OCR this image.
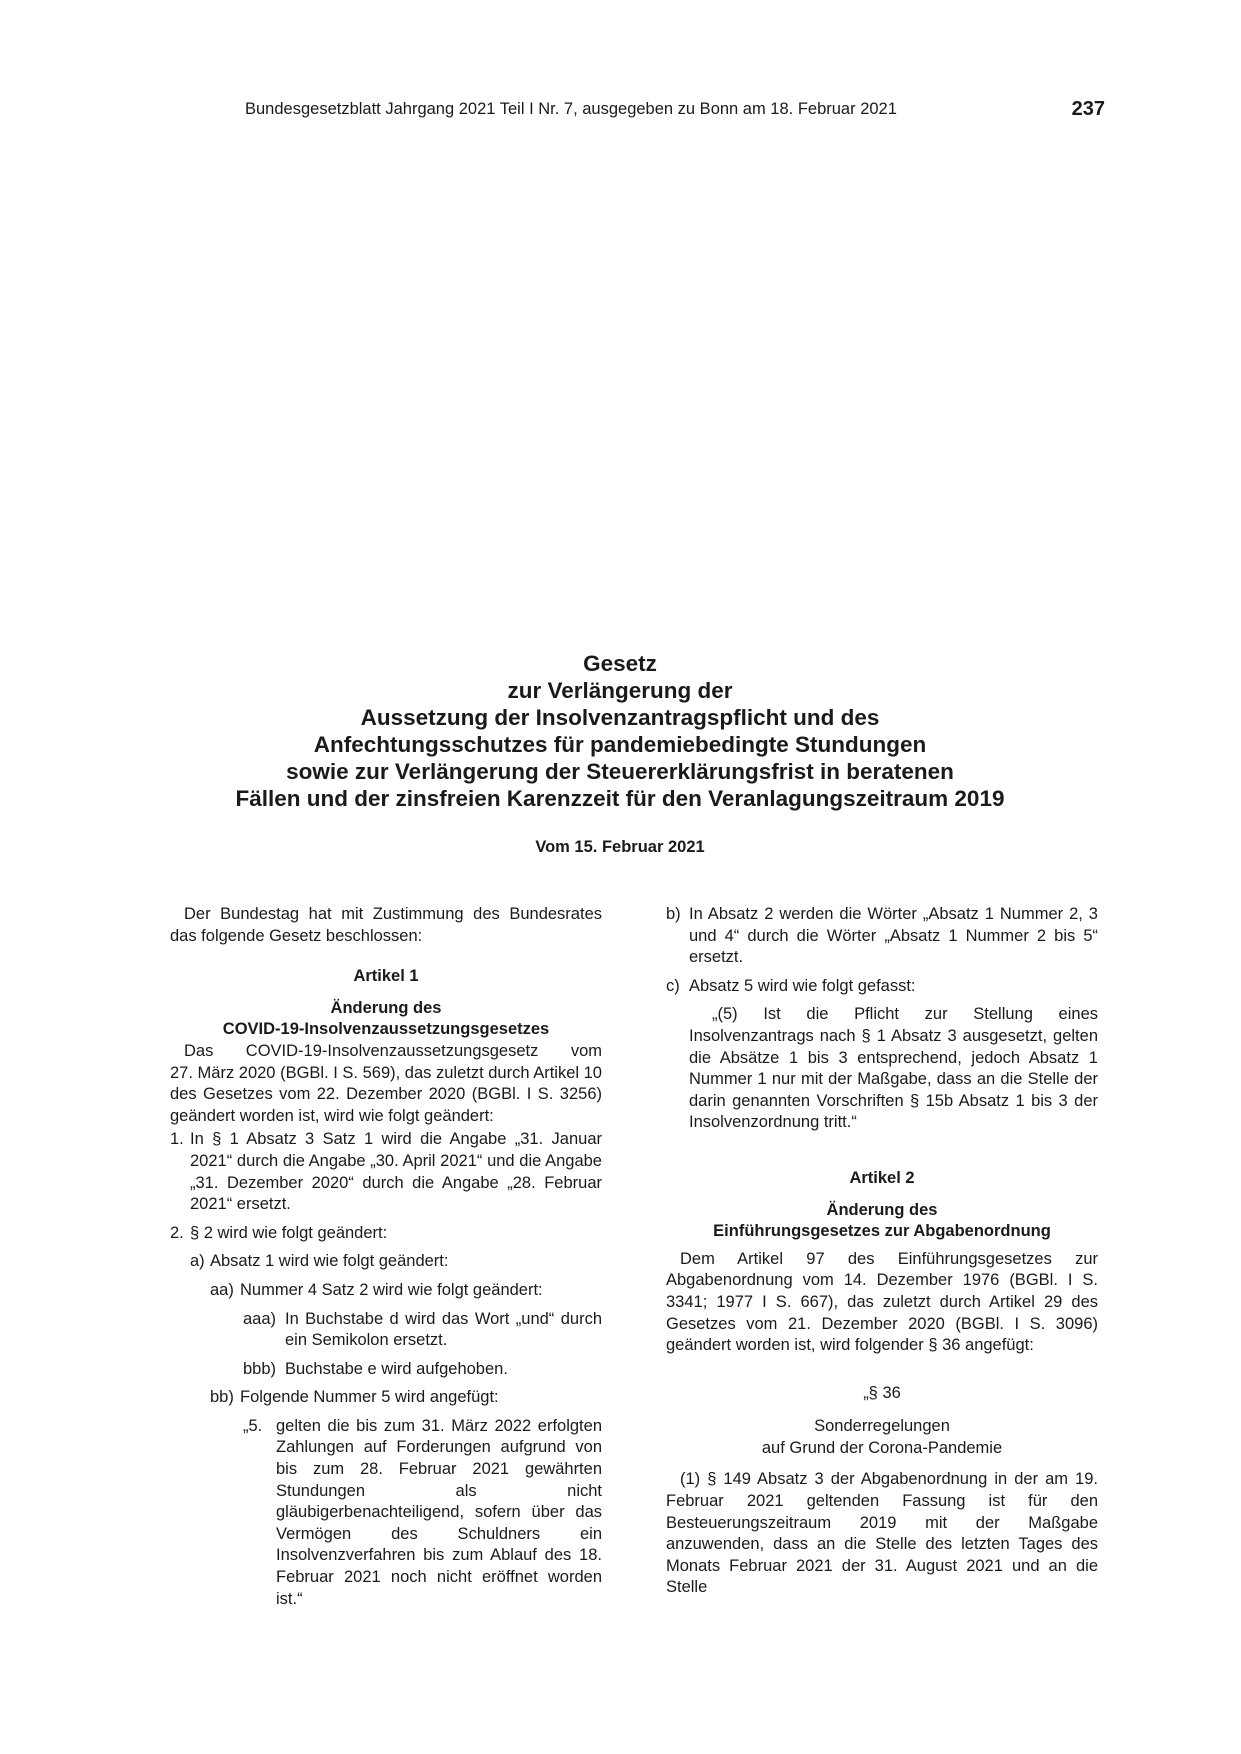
Bundesgesetzblatt Jahrgang 2021 Teil I Nr. 7, ausgegeben zu Bonn am 18. Februar 2021	237
Gesetz
zur Verlängerung der
Aussetzung der Insolvenzantragspflicht und des
Anfechtungsschutzes für pandemiebedingte Stundungen
sowie zur Verlängerung der Steuererklärungsfrist in beratenen
Fällen und der zinsfreien Karenzzeit für den Veranlagungszeitraum 2019
Vom 15. Februar 2021

Der Bundestag hat mit Zustimmung des Bundesrates das folgende Gesetz beschlossen:

Artikel 1

Änderung des

COVID-19-Insolvenzaussetzungsgesetzes

Das COVID-19-Insolvenzaussetzungsgesetz vom

27. März 2020 (BGBl. I S. 569), das zuletzt durch Artikel 10 des Gesetzes vom 22. Dezember 2020 (BGBl. I S. 3256) geändert worden ist, wird wie folgt geändert:

1. In § 1 Absatz 3 Satz 1 wird die Angabe „31. Januar 2021“ durch die Angabe „30. April 2021“ und die Angabe „31. Dezember 2020“ durch die Angabe „28. Februar 2021“ ersetzt.
2. § 2 wird wie folgt geändert:
a) Absatz 1 wird wie folgt geändert:
aa) Nummer 4 Satz 2 wird wie folgt geändert:
aaa) In Buchstabe d wird das Wort „und“ durch ein Semikolon ersetzt.
bbb) Buchstabe e wird aufgehoben.
bb) Folgende Nummer 5 wird angefügt:
„5. gelten die bis zum 31. März 2022 erfolgten Zahlungen auf Forderungen aufgrund von bis zum 28. Februar 2021 gewährten Stundungen als nicht gläubigerbenachteiligend, sofern über das Vermögen des Schuldners ein Insolvenzverfahren bis zum Ablauf des 18. Februar 2021 noch nicht eröffnet worden ist.“
b) In Absatz 2 werden die Wörter „Absatz 1 Nummer 2, 3 und 4“ durch die Wörter „Absatz 1 Nummer 2 bis 5“ ersetzt.
c) Absatz 5 wird wie folgt gefasst:

„(5) Ist die Pflicht zur Stellung eines Insolvenzantrags nach § 1 Absatz 3 ausgesetzt, gelten die Absätze 1 bis 3 entsprechend, jedoch Absatz 1 Nummer 1 nur mit der Maßgabe, dass an die Stelle der darin genannten Vorschriften § 15b Absatz 1 bis 3 der Insolvenzordnung tritt.“

Artikel 2

Änderung des

Einführungsgesetzes zur Abgabenordnung

Dem Artikel 97 des Einführungsgesetzes zur Abgabenordnung vom 14. Dezember 1976 (BGBl. I S. 3341; 1977 I S. 667), das zuletzt durch Artikel 29 des Gesetzes vom 21. Dezember 2020 (BGBl. I S. 3096) geändert worden ist, wird folgender § 36 angefügt:

„§ 36

Sonderregelungen

auf Grund der Corona-Pandemie

(1) § 149 Absatz 3 der Abgabenordnung in der am 19. Februar 2021 geltenden Fassung ist für den Besteuerungszeitraum 2019 mit der Maßgabe anzuwenden, dass an die Stelle des letzten Tages des Monats Februar 2021 der 31. August 2021 und an die Stelle
